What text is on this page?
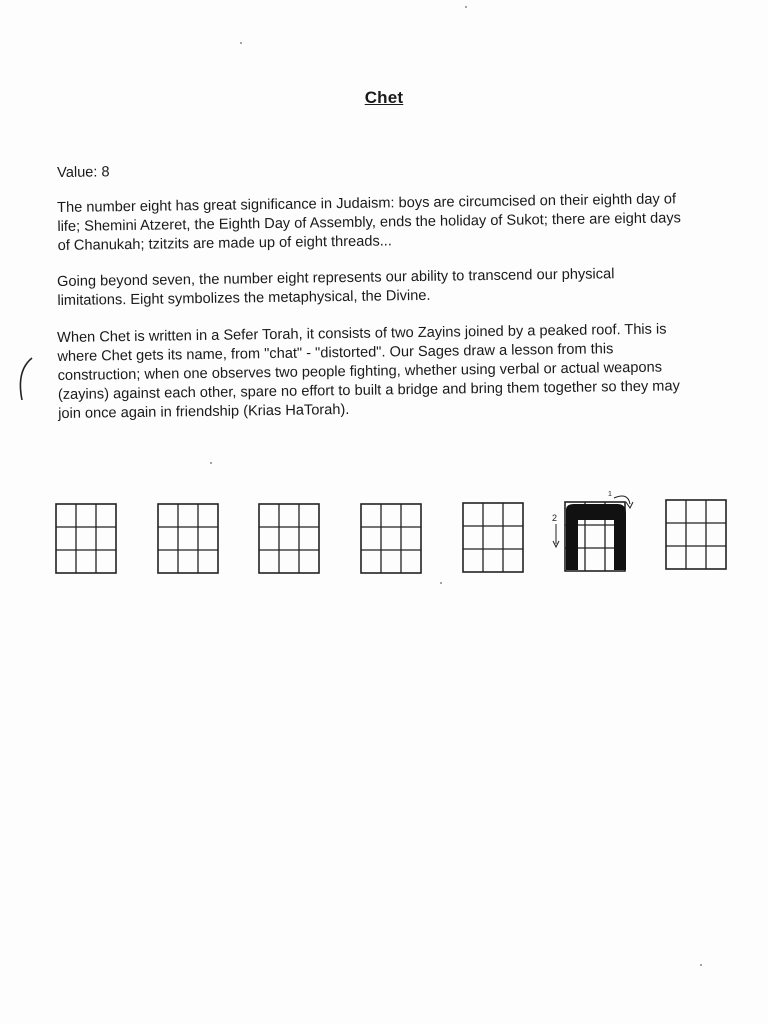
Chet

Value: 8

The number eight has great significance in Judaism: boys are circumcised on their eighth day of life; Shemini Atzeret, the Eighth Day of Assembly, ends the holiday of Sukot; there are eight days of Chanukah; tzitzits are made up of eight threads...

Going beyond seven, the number eight represents our ability to transcend our physical limitations. Eight symbolizes the metaphysical, the Divine.

When Chet is written in a Sefer Torah, it consists of two Zayins joined by a peaked roof. This is where Chet gets its name, from "chat" - "distorted". Our Sages draw a lesson from this construction; when one observes two people fighting, whether using verbal or actual weapons (zayins) against each other, spare no effort to built a bridge and bring them together so they may join once again in friendship (Krias HaTorah).

2
1
